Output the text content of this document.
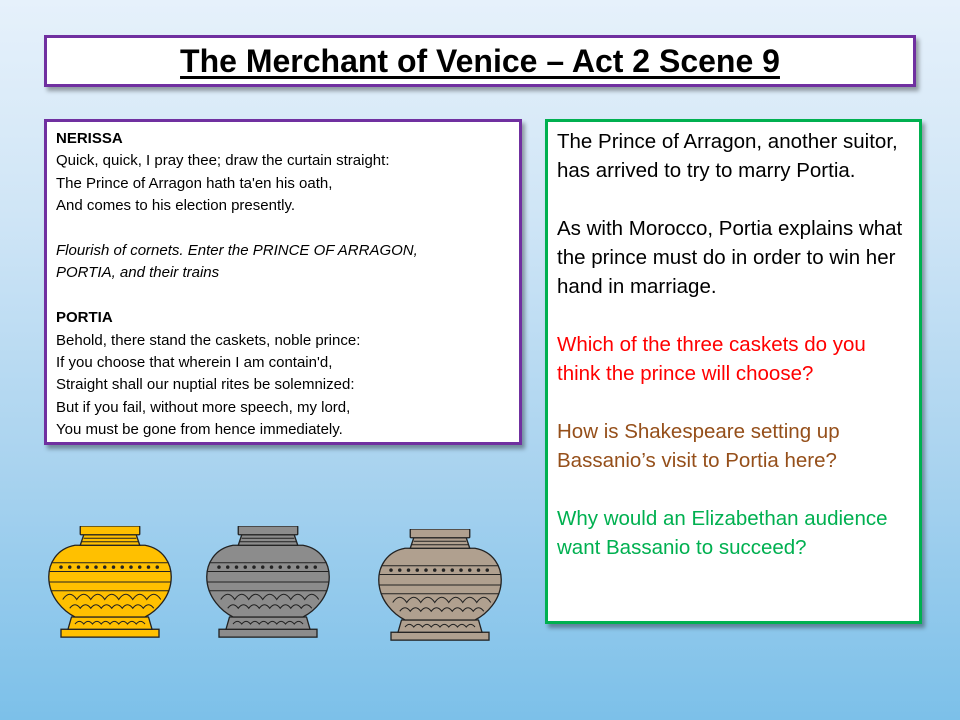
The Merchant of Venice – Act 2 Scene 9

NERISSA

Quick, quick, I pray thee; draw the curtain straight:

The Prince of Arragon hath ta'en his oath,

And comes to his election presently.

Flourish of cornets. Enter the PRINCE OF ARRAGON,

PORTIA, and their trains

PORTIA

Behold, there stand the caskets, noble prince:

If you choose that wherein I am contain'd,

Straight shall our nuptial rites be solemnized:

But if you fail, without more speech, my lord,

You must be gone from hence immediately.

The Prince of Arragon, another suitor, has arrived to try to marry Portia.

As with Morocco, Portia explains what the prince must do in order to win her hand in marriage.

Which of the three caskets do you think the prince will choose?

How is Shakespeare setting up Bassanio’s visit to Portia here?

Why would an Elizabethan audience want Bassanio to succeed?
